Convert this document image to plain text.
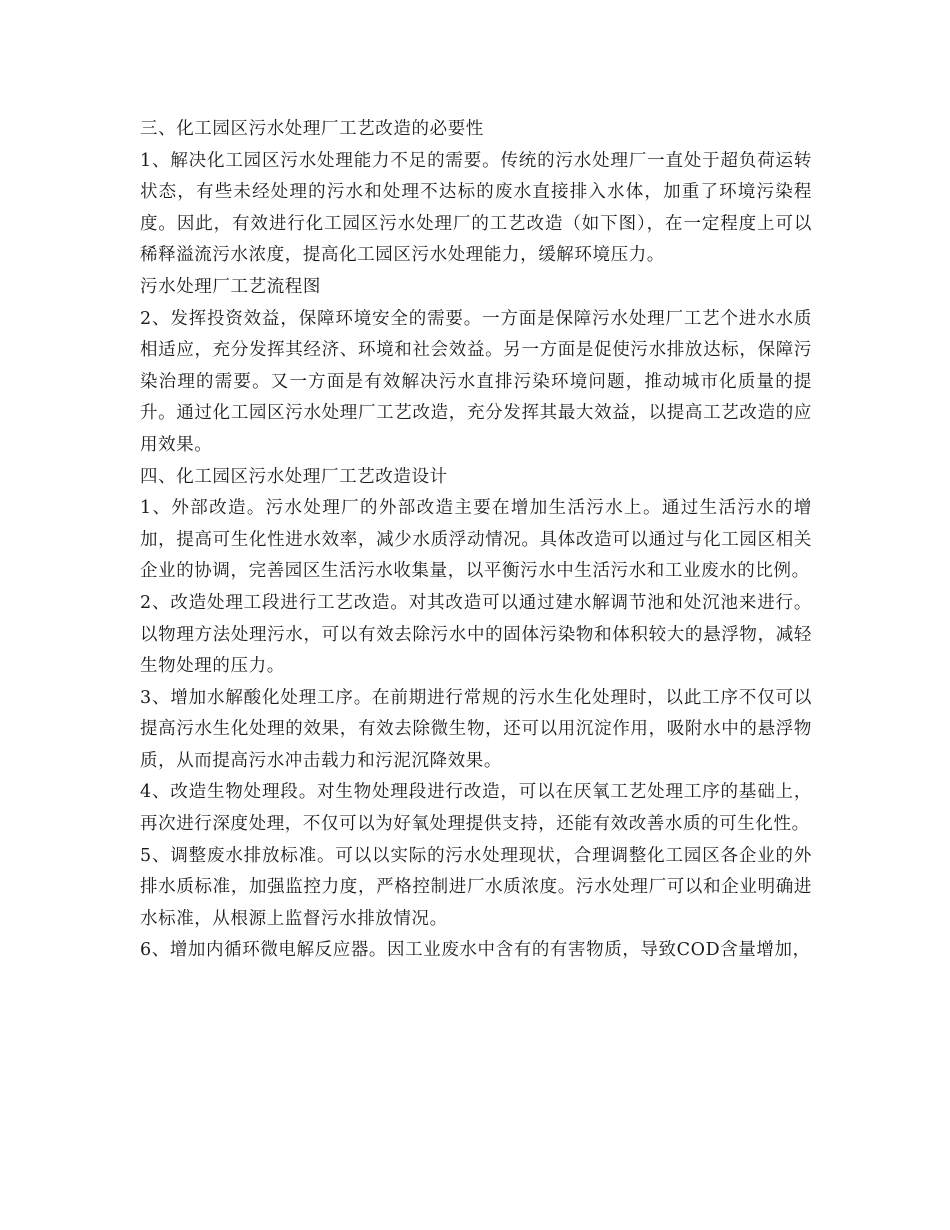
三、化工园区污水处理厂工艺改造的必要性

1、解决化工园区污水处理能力不足的需要。传统的污水处理厂一直处于超负荷运转状态，有些未经处理的污水和处理不达标的废水直接排入水体，加重了环境污染程度。因此，有效进行化工园区污水处理厂的工艺改造（如下图），在一定程度上可以稀释溢流污水浓度，提高化工园区污水处理能力，缓解环境压力。

污水处理厂工艺流程图

2、发挥投资效益，保障环境安全的需要。一方面是保障污水处理厂工艺个进水水质相适应，充分发挥其经济、环境和社会效益。另一方面是促使污水排放达标，保障污染治理的需要。又一方面是有效解决污水直排污染环境问题，推动城市化质量的提升。通过化工园区污水处理厂工艺改造，充分发挥其最大效益，以提高工艺改造的应用效果。

四、化工园区污水处理厂工艺改造设计

1、外部改造。污水处理厂的外部改造主要在增加生活污水上。通过生活污水的增加，提高可生化性进水效率，减少水质浮动情况。具体改造可以通过与化工园区相关企业的协调，完善园区生活污水收集量，以平衡污水中生活污水和工业废水的比例。

2、改造处理工段进行工艺改造。对其改造可以通过建水解调节池和处沉池来进行。以物理方法处理污水，可以有效去除污水中的固体污染物和体积较大的悬浮物，减轻生物处理的压力。

3、增加水解酸化处理工序。在前期进行常规的污水生化处理时，以此工序不仅可以提高污水生化处理的效果，有效去除微生物，还可以用沉淀作用，吸附水中的悬浮物质，从而提高污水冲击载力和污泥沉降效果。

4、改造生物处理段。对生物处理段进行改造，可以在厌氧工艺处理工序的基础上，再次进行深度处理，不仅可以为好氧处理提供支持，还能有效改善水质的可生化性。

5、调整废水排放标准。可以以实际的污水处理现状，合理调整化工园区各企业的外排水质标准，加强监控力度，严格控制进厂水质浓度。污水处理厂可以和企业明确进水标准，从根源上监督污水排放情况。

6、增加内循环微电解反应器。因工业废水中含有的有害物质，导致COD含量增加，
